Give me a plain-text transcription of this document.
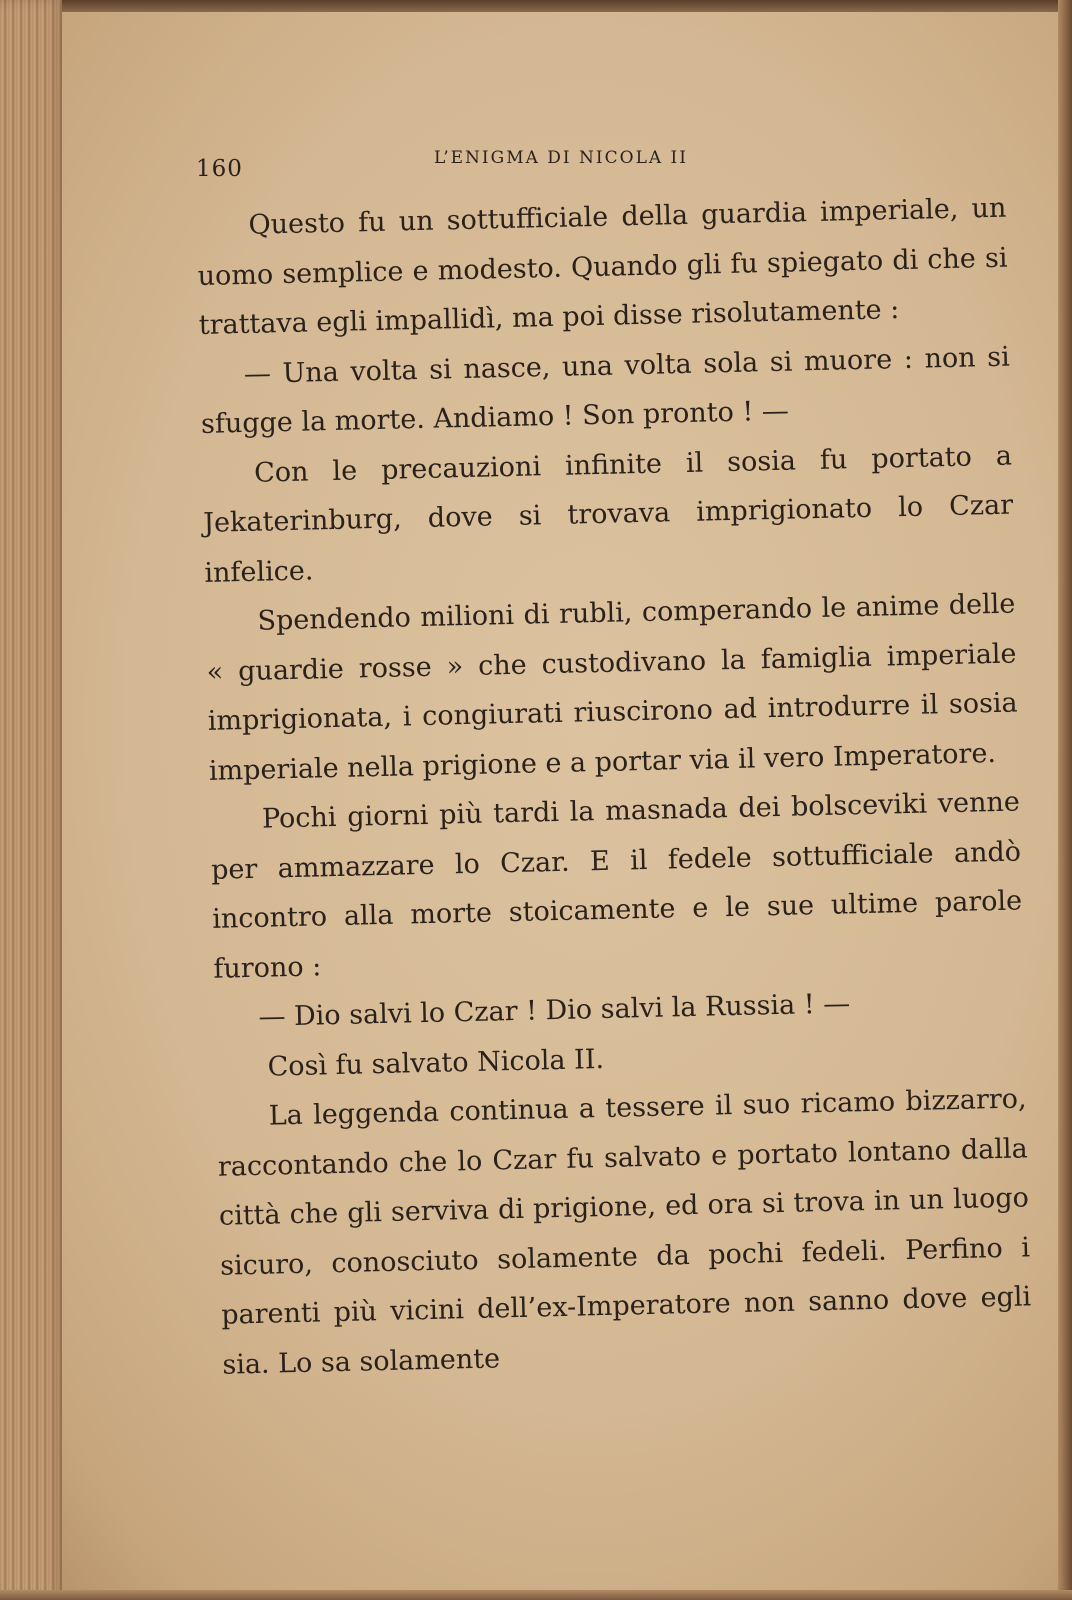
160	L’ENIGMA DI NICOLA II

Questo fu un sottufficiale della guardia imperiale, un uomo semplice e modesto. Quando gli fu spiegato di che si trattava egli impallidì, ma poi disse risolutamente :

— Una volta si nasce, una volta sola si muore : non si sfugge la morte. Andiamo ! Son pronto ! —

Con le precauzioni infinite il sosia fu portato a Jekaterinburg, dove si trovava imprigionato lo Czar infelice.

Spendendo milioni di rubli, comperando le anime delle « guardie rosse » che custodivano la famiglia imperiale imprigionata, i congiurati riuscirono ad introdurre il sosia imperiale nella prigione e a portar via il vero Imperatore.

Pochi giorni più tardi la masnada dei bolsceviki venne per ammazzare lo Czar. E il fedele sottufficiale andò incontro alla morte stoicamente e le sue ultime parole furono :

— Dio salvi lo Czar ! Dio salvi la Russia ! —

Così fu salvato Nicola II.

La leggenda continua a tessere il suo ricamo bizzarro, raccontando che lo Czar fu salvato e portato lontano dalla città che gli serviva di prigione, ed ora si trova in un luogo sicuro, conosciuto solamente da pochi fedeli. Perfino i parenti più vicini dell’ex-Imperatore non sanno dove egli sia. Lo sa solamente
